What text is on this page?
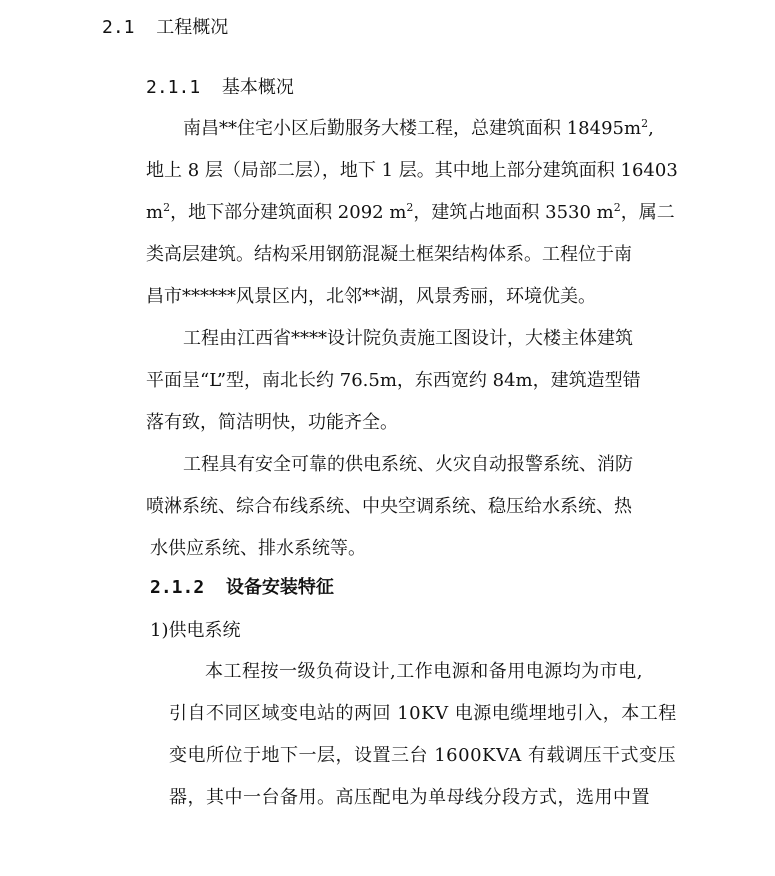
2.1 工程概况
2.1.1 基本概况
南昌**住宅小区后勤服务大楼工程，总建筑面积 $18495m^2$,
地上 8 层（局部二层），地下 1 层。其中地上部分建筑面积 16403
$m^2$，地下部分建筑面积 2092 $m^2$，建筑占地面积 3530 $m^2$，属二
类高层建筑。结构采用钢筋混凝土框架结构体系。工程位于南
昌市******风景区内，北邻**湖，风景秀丽，环境优美。
工程由江西省****设计院负责施工图设计，大楼主体建筑
平面呈“L”型，南北长约 76.5m，东西宽约 84m，建筑造型错
落有致，简洁明快，功能齐全。
工程具有安全可靠的供电系统、火灾自动报警系统、消防
喷淋系统、综合布线系统、中央空调系统、稳压给水系统、热
水供应系统、排水系统等。
2.1.2 设备安装特征
1)供电系统
本工程按一级负荷设计,工作电源和备用电源均为市电,
引自不同区域变电站的两回 10KV 电源电缆埋地引入，本工程
变电所位于地下一层，设置三台 1600KVA 有载调压干式变压
器，其中一台备用。高压配电为单母线分段方式，选用中置
